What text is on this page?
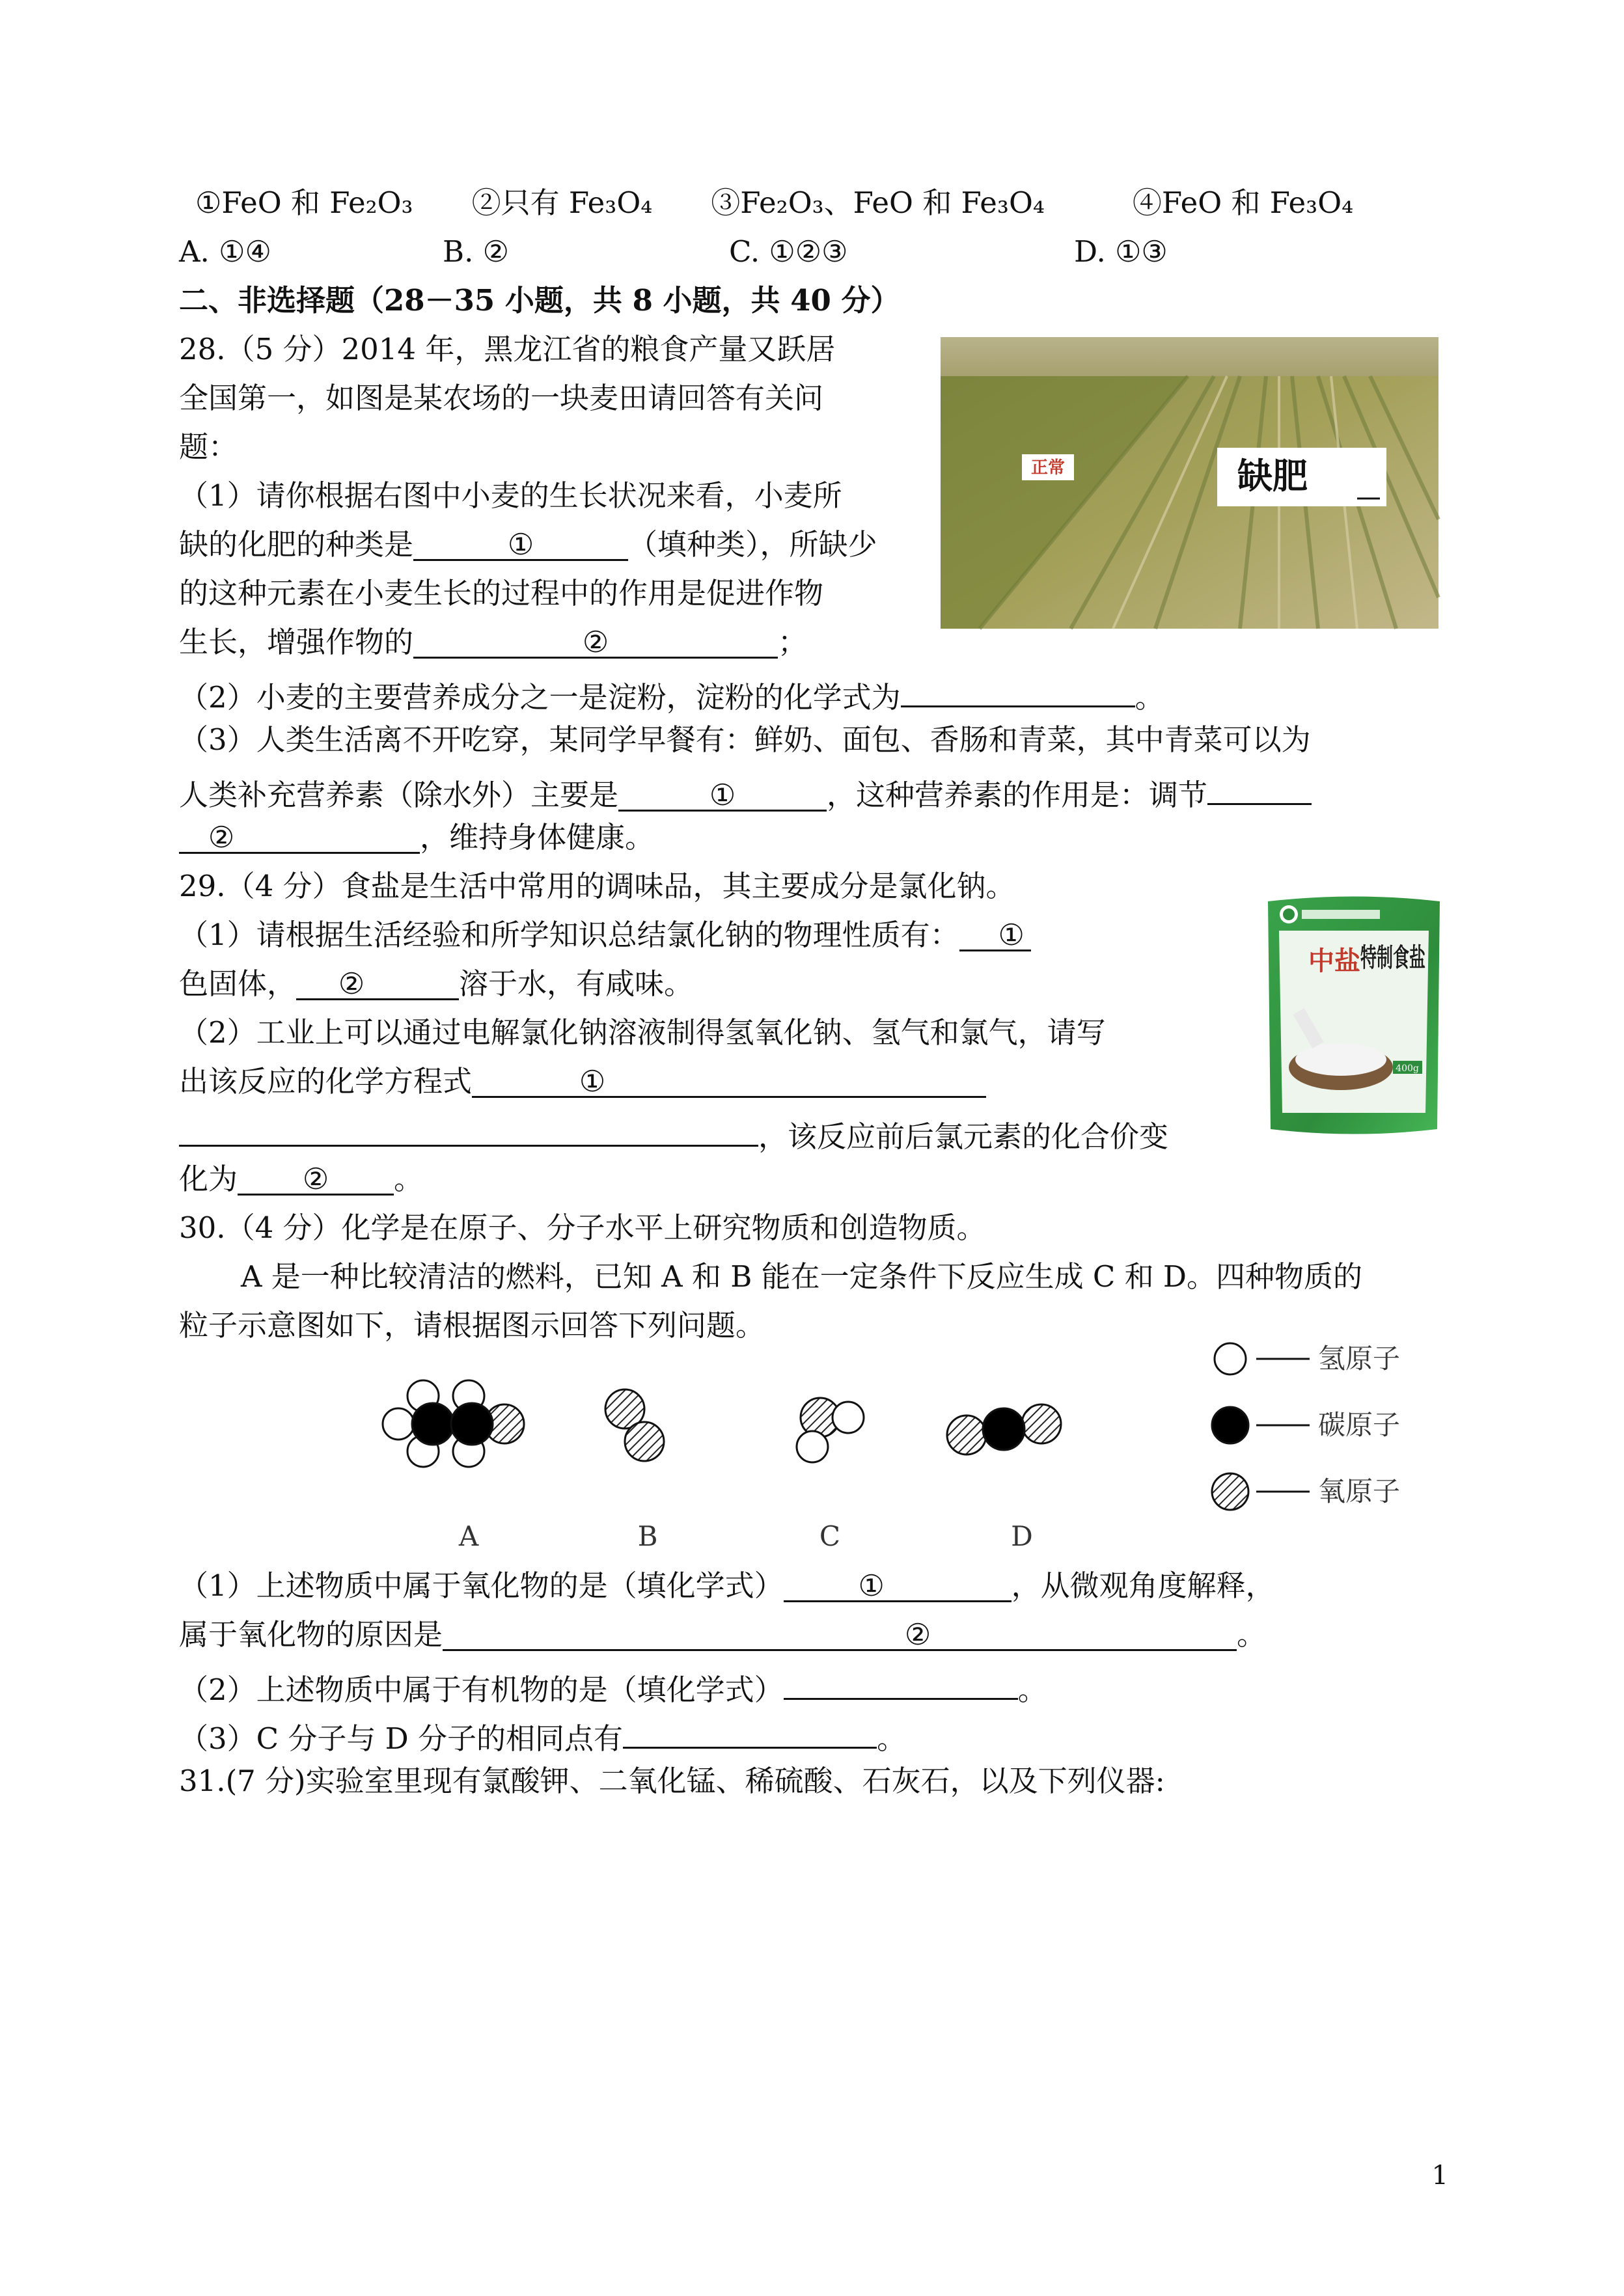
①FeO 和 Fe₂O₃　　②只有 Fe₃O₄　　③Fe₂O₃、FeO 和 Fe₃O₄　　　④FeO 和 Fe₃O₄
A. ①④	B. ②	C. ①②③	D. ①③
二、非选择题（28－35 小题，共 8 小题，共 40 分）
28.（5 分）2014 年，黑龙江省的粮食产量又跃居
全国第一，如图是某农场的一块麦田请回答有关问
题：
（1）请你根据右图中小麦的生长状况来看，小麦所
缺的化肥的种类是	①	（填种类），所缺少
的这种元素在小麦生长的过程中的作用是促进作物
生长，增强作物的	②	；
（2）小麦的主要营养成分之一是淀粉，淀粉的化学式为	。
（3）人类生活离不开吃穿，某同学早餐有：鲜奶、面包、香肠和青菜，其中青菜可以为
人类补充营养素（除水外）主要是	①	，这种营养素的作用是：调节
②	，维持身体健康。
正常	缺肥
29.（4 分）食盐是生活中常用的调味品，其主要成分是氯化钠。
（1）请根据生活经验和所学知识总结氯化钠的物理性质有： ①
色固体， ②	溶于水，有咸味。
（2）工业上可以通过电解氯化钠溶液制得氢氧化钠、氢气和氯气，请写
出该反应的化学方程式	①
，该反应前后氯元素的化合价变
化为 ② 。
中盐 特制食盐
400g
30.（4 分）化学是在原子、分子水平上研究物质和创造物质。
A 是一种比较清洁的燃料，已知 A 和 B 能在一定条件下反应生成 C 和 D。四种物质的
粒子示意图如下，请根据图示回答下列问题。
氢原子
碳原子
氧原子
A	B	C	D
（1）上述物质中属于氧化物的是（填化学式）	①	，从微观角度解释，
属于氧化物的原因是	②	。
（2）上述物质中属于有机物的是（填化学式）	。
（3）C 分子与 D 分子的相同点有	。
31.(7 分)实验室里现有氯酸钾、二氧化锰、稀硫酸、石灰石，以及下列仪器:
1
